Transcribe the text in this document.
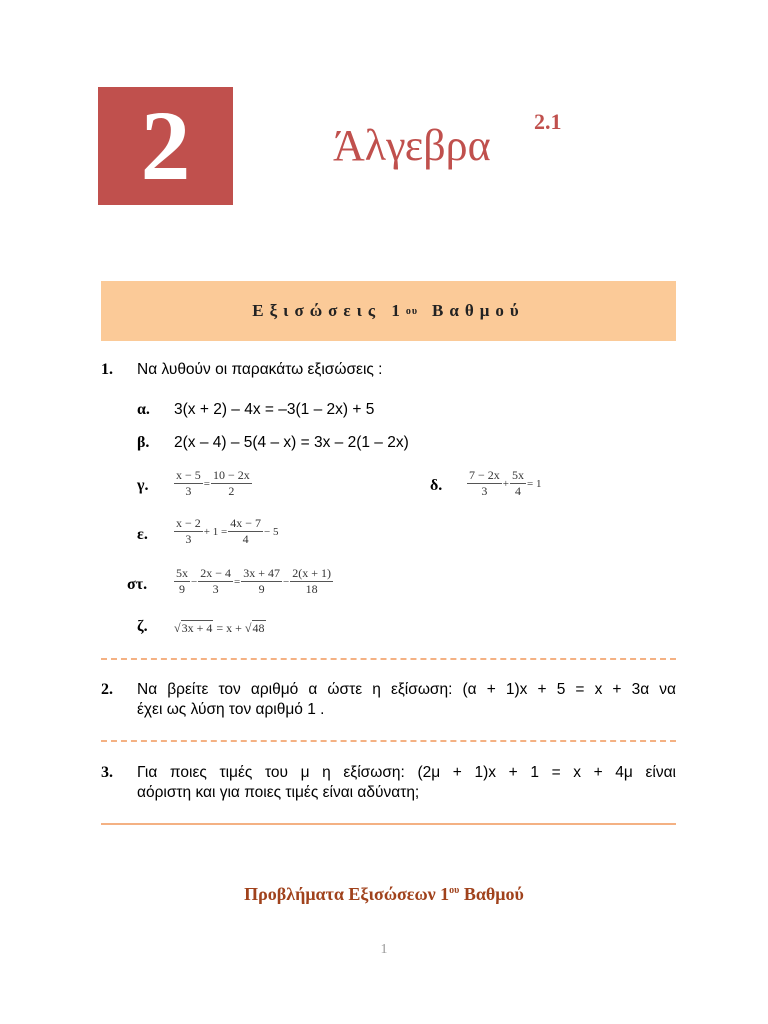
2	Άλγεβρα 2.1
Εξισώσεις 1 ου Βαθμού
1. Να λυθούν οι παρακάτω εξισώσεις :
α. 3(x + 2) – 4x = –3(1 – 2x) + 5
β. 2(x – 4) – 5(4 – x) = 3x – 2(1 – 2x)
γ. $\frac{x - 5}{3} = \frac{10 - 2x}{2}$	δ. $\frac{7 - 2x}{3} + \frac{5x}{4} = 1$
ε. $\frac{x - 2}{3} + 1 = \frac{4x - 7}{4} - 5$
στ. $\frac{5x}{9} - \frac{2x - 4}{3} = \frac{3x + 47}{9} - \frac{2(x + 1)}{18}$
ζ. √ 3x + 4 = x + √ 48
2. Να βρείτε τον αριθμό α ώστε η εξίσωση: (α + 1)x + 5 = x + 3α να
έχει ως λύση τον αριθμό 1 .
3. Για ποιες τιμές του μ η εξίσωση: (2μ + 1)x + 1 = x + 4μ είναι
αόριστη και για ποιες τιμές είναι αδύνατη;
Προβλήματα Εξισώσεων $1^{o\upsilon}$ Βαθμού
1
